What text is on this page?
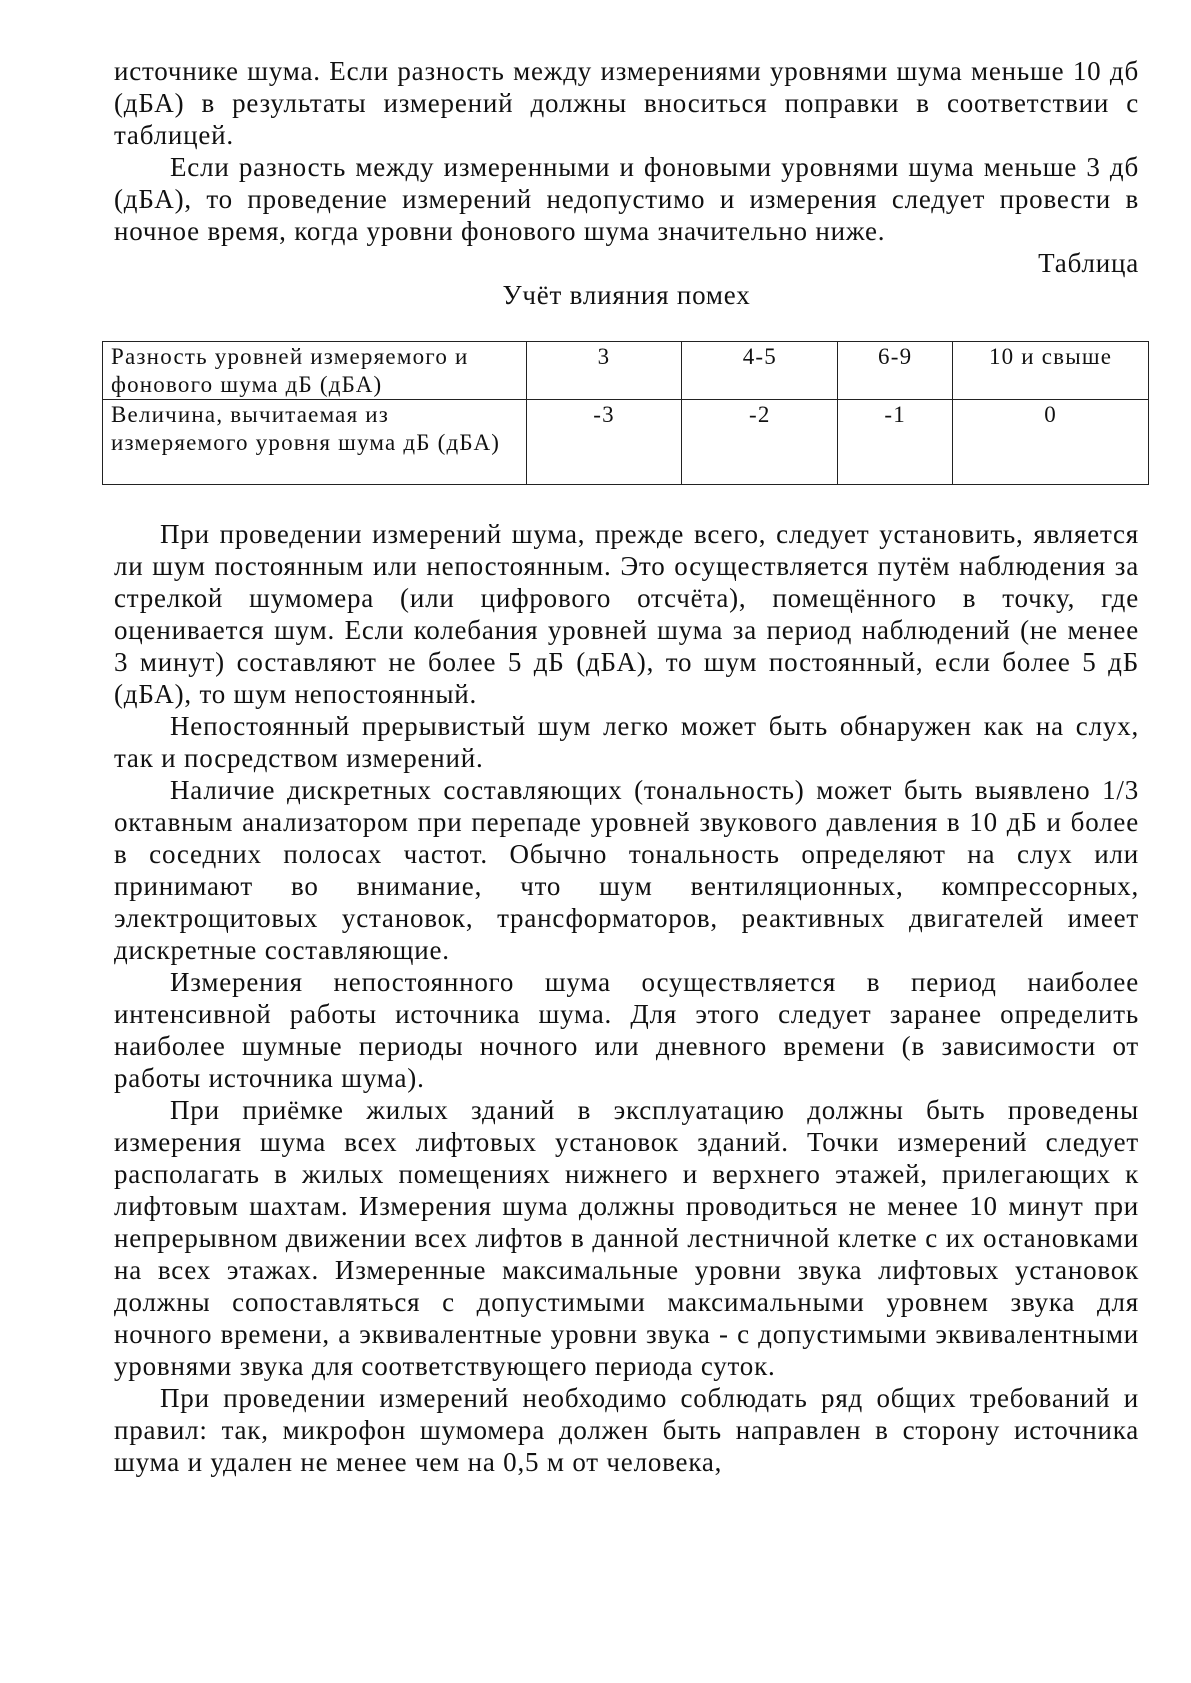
источнике шума. Если разность между измерениями уровнями шума меньше 10 дб (дБА) в результаты измерений должны вноситься поправки в соответствии с таблицей.

Если разность между измеренными и фоновыми уровнями шума меньше 3 дб (дБА), то проведение измерений недопустимо и измерения следует провести в ночное время, когда уровни фонового шума значительно ниже.

Таблица

Учёт влияния помех

Разность уровней измеряемого и фонового шума дБ (дБА)	3	4-5	6-9	10 и свыше
Величина, вычитаемая из измеряемого уровня шума дБ (дБА)	-3	-2	-1	0

При проведении измерений шума, прежде всего, следует установить, является ли шум постоянным или непостоянным. Это осуществляется путём наблюдения за стрелкой шумомера (или цифрового отсчёта), помещённого в точку, где оценивается шум. Если колебания уровней шума за период наблюдений (не менее 3 минут) составляют не более 5 дБ (дБА), то шум постоянный, если более 5 дБ (дБА), то шум непостоянный.

Непостоянный прерывистый шум легко может быть обнаружен как на слух, так и посредством измерений.

Наличие дискретных составляющих (тональность) может быть выявлено 1/3 октавным анализатором при перепаде уровней звукового давления в 10 дБ и более в соседних полосах частот. Обычно тональность определяют на слух или принимают во внимание, что шум вентиляционных, компрессорных, электрощитовых установок, трансформаторов, реактивных двигателей имеет дискретные составляющие.

Измерения непостоянного шума осуществляется в период наиболее интенсивной работы источника шума. Для этого следует заранее определить наиболее шумные периоды ночного или дневного времени (в зависимости от работы источника шума).

При приёмке жилых зданий в эксплуатацию должны быть проведены измерения шума всех лифтовых установок зданий. Точки измерений следует располагать в жилых помещениях нижнего и верхнего этажей, прилегающих к лифтовым шахтам. Измерения шума должны проводиться не менее 10 минут при непрерывном движении всех лифтов в данной лестничной клетке с их остановками на всех этажах. Измеренные максимальные уровни звука лифтовых установок должны сопоставляться с допустимыми максимальными уровнем звука для ночного времени, а эквивалентные уровни звука - с допустимыми эквивалентными уровнями звука для соответствующего периода суток.

При проведении измерений необходимо соблюдать ряд общих требований и правил: так, микрофон шумомера должен быть направлен в сторону источника шума и удален не менее чем на 0,5 м от человека,
